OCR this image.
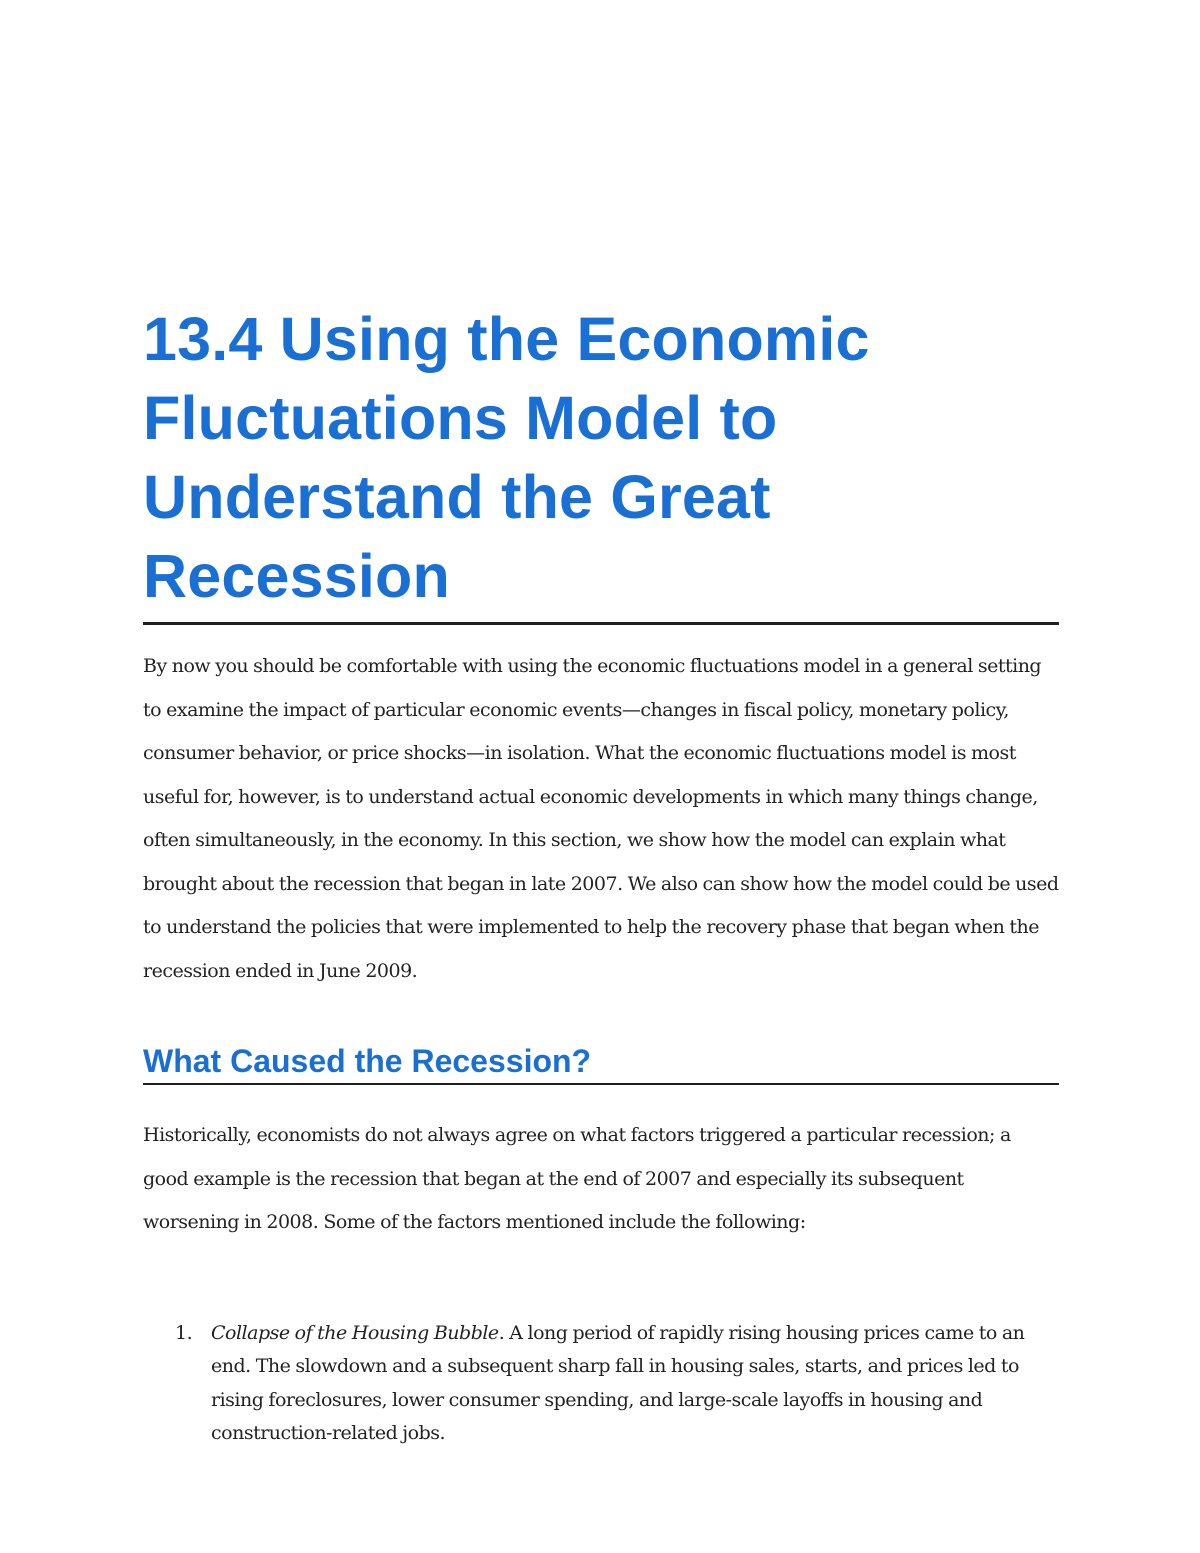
13.4 Using the Economic Fluctuations Model to Understand the Great Recession

By now you should be comfortable with using the economic fluctuations model in a general setting to examine the impact of particular economic events—changes in fiscal policy, monetary policy, consumer behavior, or price shocks—in isolation. What the economic fluctuations model is most useful for, however, is to understand actual economic developments in which many things change, often simultaneously, in the economy. In this section, we show how the model can explain what brought about the recession that began in late 2007. We also can show how the model could be used to understand the policies that were implemented to help the recovery phase that began when the recession ended in June 2009.

What Caused the Recession?

Historically, economists do not always agree on what factors triggered a particular recession; a good example is the recession that began at the end of 2007 and especially its subsequent worsening in 2008. Some of the factors mentioned include the following:

1. Collapse of the Housing Bubble. A long period of rapidly rising housing prices came to an end. The slowdown and a subsequent sharp fall in housing sales, starts, and prices led to rising foreclosures, lower consumer spending, and large-scale layoffs in housing and construction-related jobs.
